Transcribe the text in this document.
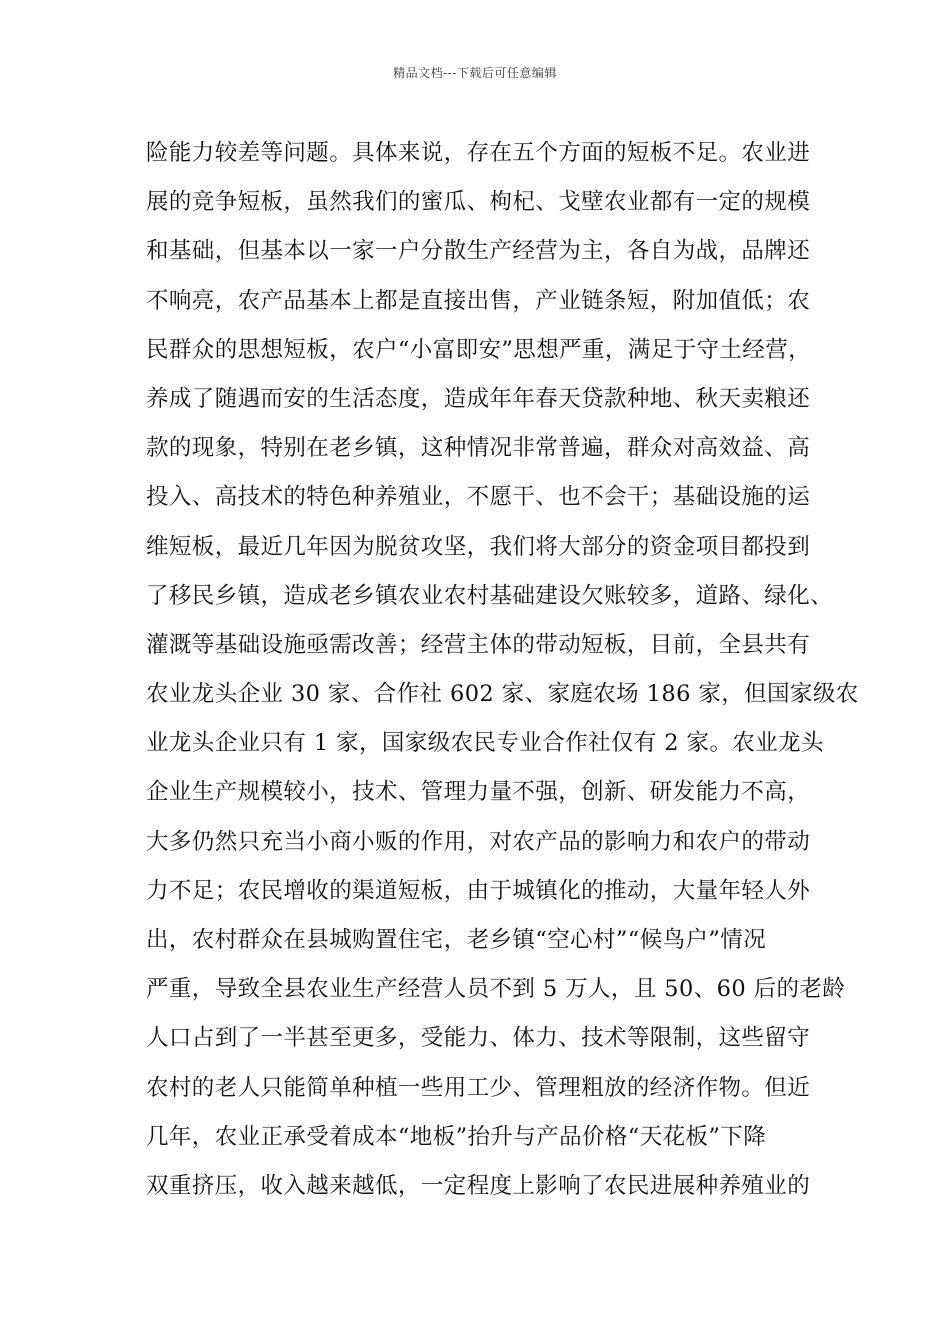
精品文档---下载后可任意编辑
险能力较差等问题。具体来说，存在五个方面的短板不足。农业进
展的竞争短板，虽然我们的蜜瓜、枸杞、戈壁农业都有一定的规模
和基础，但基本以一家一户分散生产经营为主，各自为战，品牌还
不响亮，农产品基本上都是直接出售，产业链条短，附加值低；农
民群众的思想短板，农户“小富即安”思想严重，满足于守土经营，
养成了随遇而安的生活态度，造成年年春天贷款种地、秋天卖粮还
款的现象，特别在老乡镇，这种情况非常普遍，群众对高效益、高
投入、高技术的特色种养殖业，不愿干、也不会干；基础设施的运
维短板，最近几年因为脱贫攻坚，我们将大部分的资金项目都投到
了移民乡镇，造成老乡镇农业农村基础建设欠账较多，道路、绿化、
灌溉等基础设施亟需改善；经营主体的带动短板，目前，全县共有
农业龙头企业 30 家、合作社 602 家、家庭农场 186 家，但国家级农
业龙头企业只有 1 家，国家级农民专业合作社仅有 2 家。农业龙头
企业生产规模较小，技术、管理力量不强，创新、研发能力不高，
大多仍然只充当小商小贩的作用，对农产品的影响力和农户的带动
力不足；农民增收的渠道短板，由于城镇化的推动，大量年轻人外
出，农村群众在县城购置住宅，老乡镇“空心村”“候鸟户”情况
严重，导致全县农业生产经营人员不到 5 万人，且 50、60 后的老龄
人口占到了一半甚至更多，受能力、体力、技术等限制，这些留守
农村的老人只能简单种植一些用工少、管理粗放的经济作物。但近
几年，农业正承受着成本“地板”抬升与产品价格“天花板”下降
双重挤压，收入越来越低，一定程度上影响了农民进展种养殖业的
